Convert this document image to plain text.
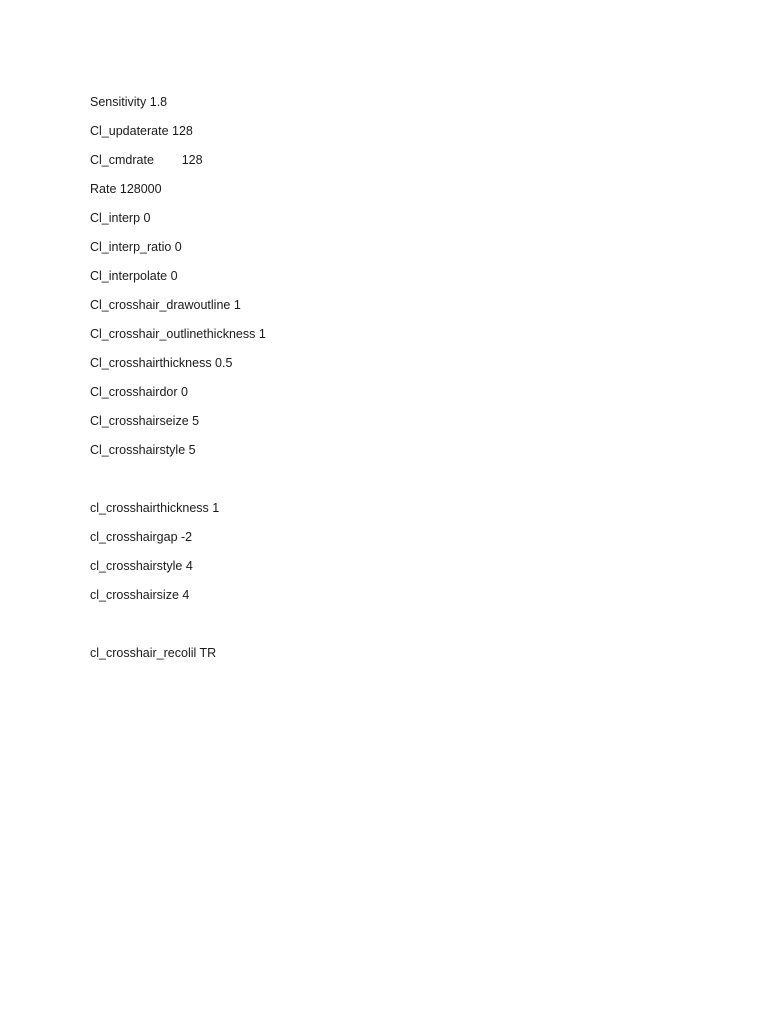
Sensitivity 1.8
Cl_updaterate 128
Cl_cmdrate        128
Rate 128000
Cl_interp 0
Cl_interp_ratio 0
Cl_interpolate 0
Cl_crosshair_drawoutline 1
Cl_crosshair_outlinethickness 1
Cl_crosshairthickness 0.5
Cl_crosshairdor 0
Cl_crosshairseize 5
Cl_crosshairstyle 5
cl_crosshairthickness 1
cl_crosshairgap -2
cl_crosshairstyle 4
cl_crosshairsize 4
cl_crosshair_recolil TR
